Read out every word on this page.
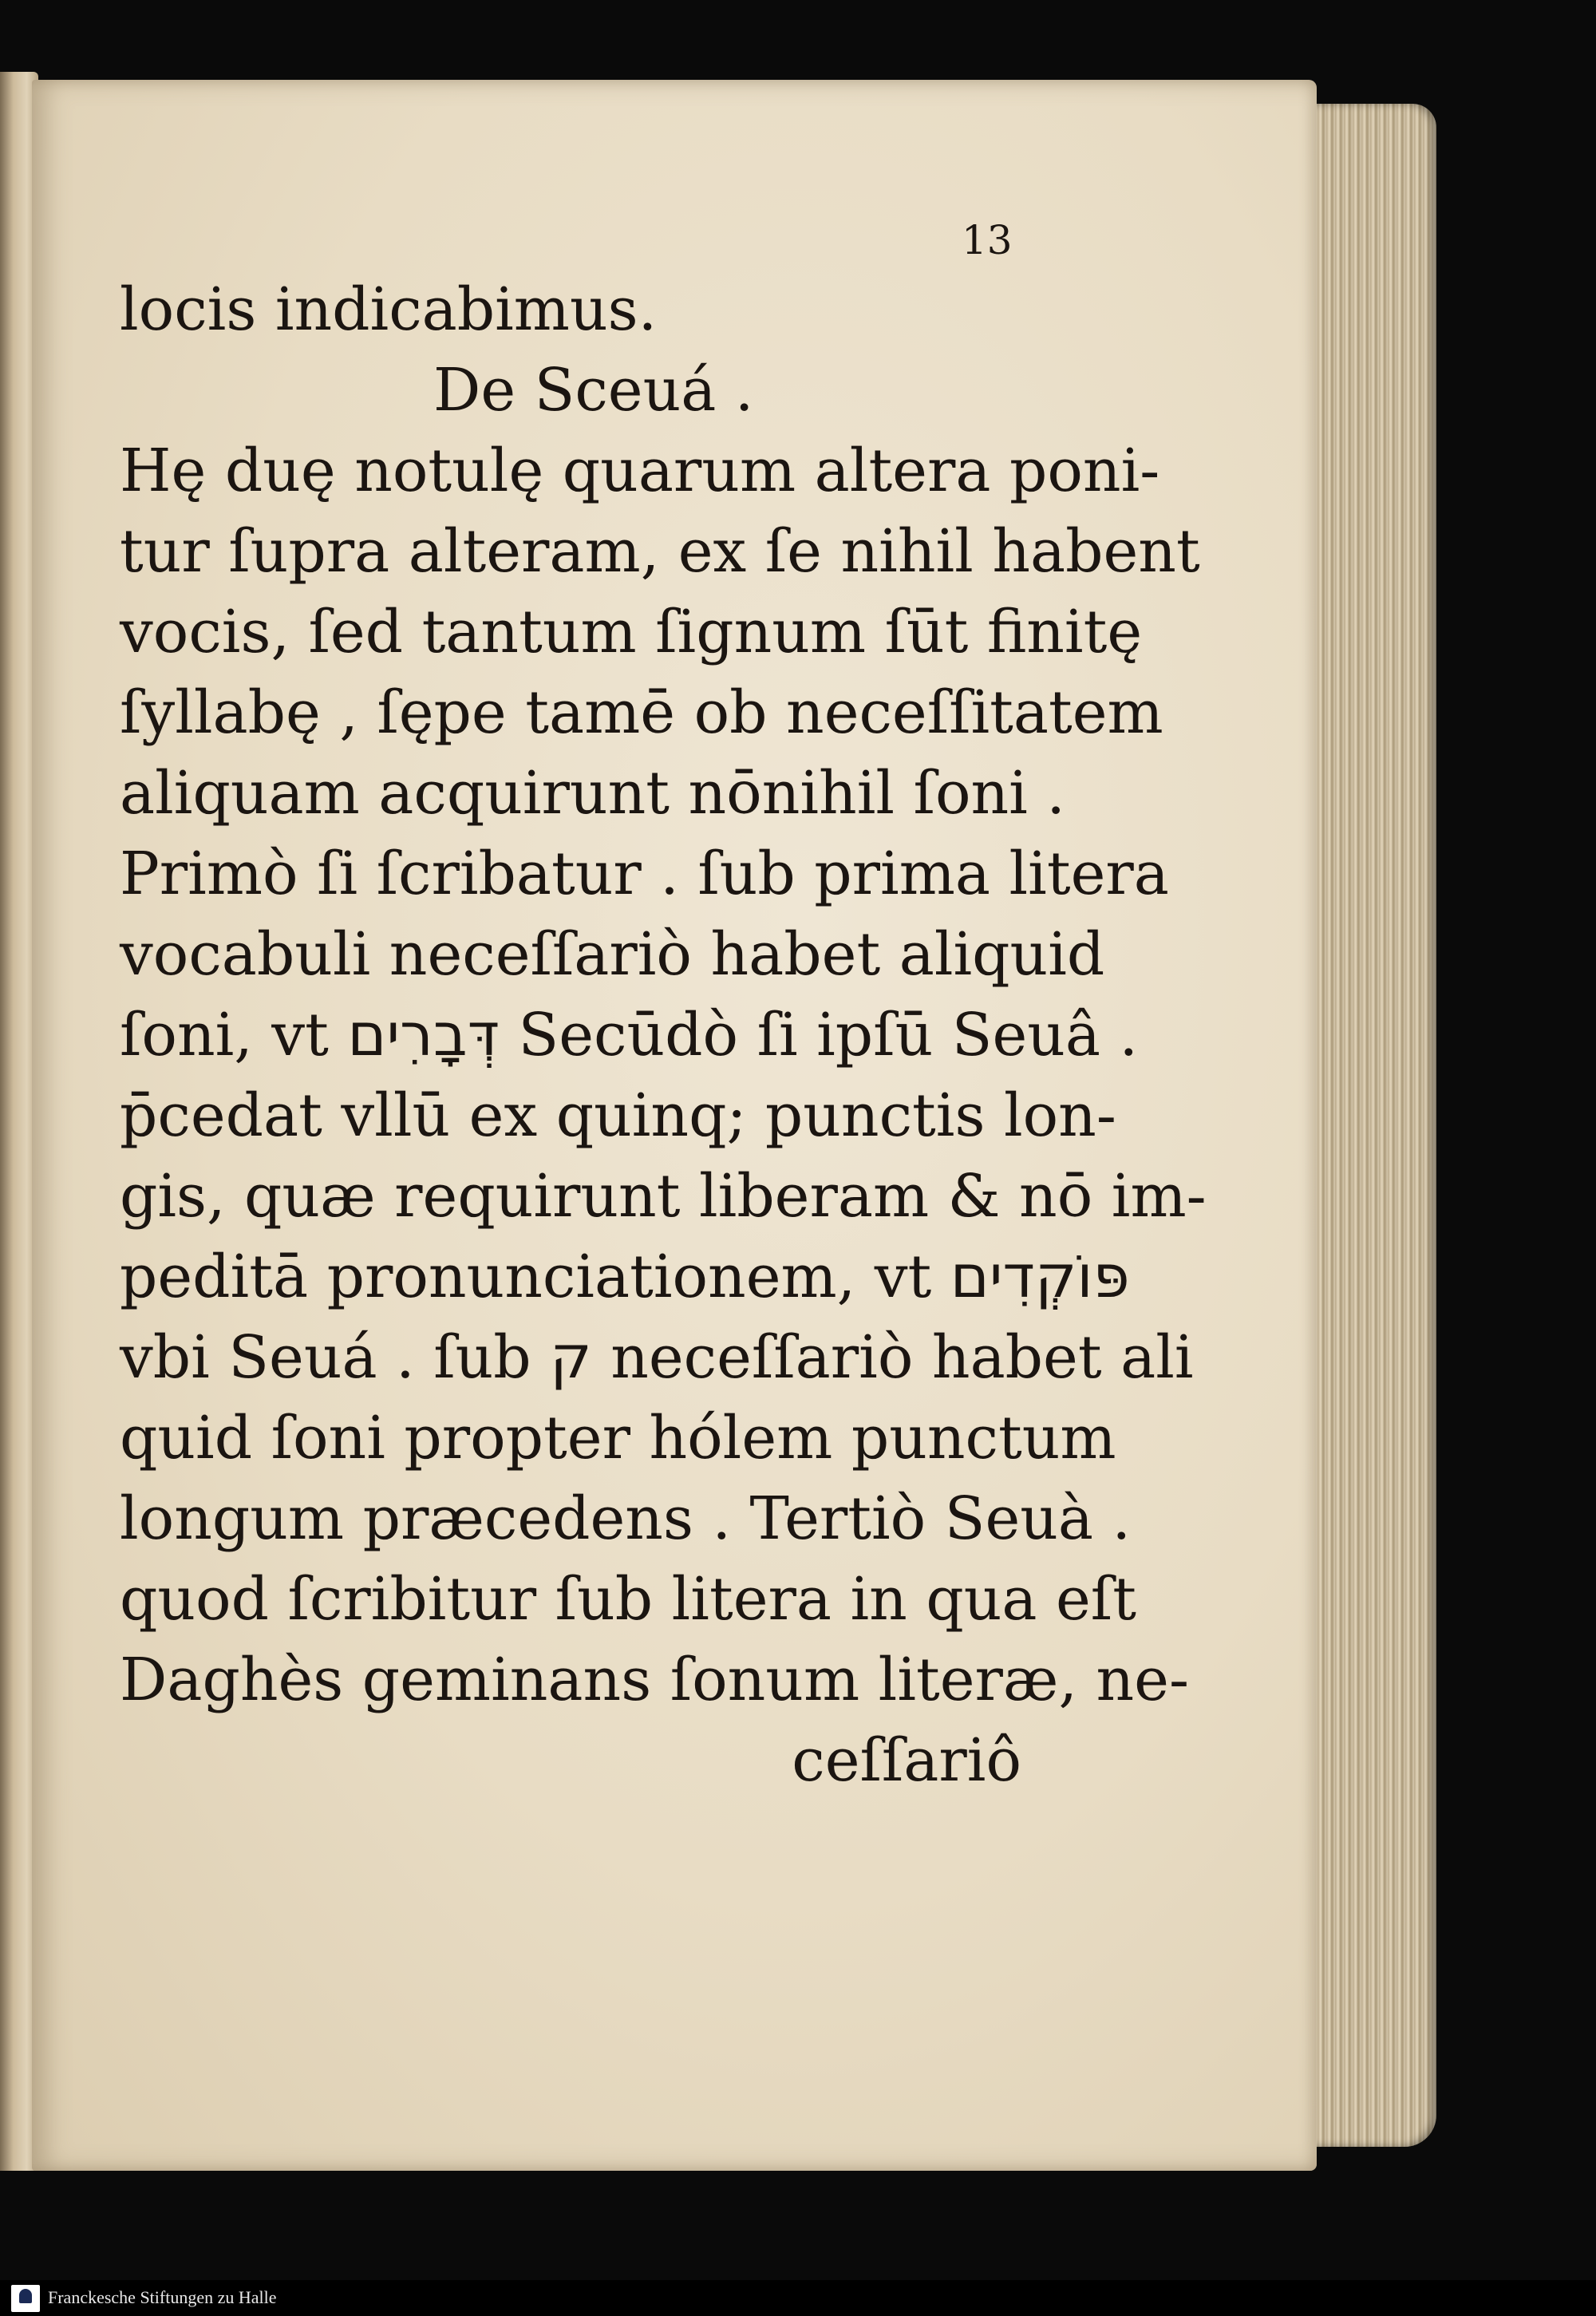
13
locis indicabimus.
De Sceuá .
Hę duę notulę quarum altera poni-
tur ſupra alteram, ex ſe nihil habent
vocis, ſed tantum ſignum ſūt finitę
ſyllabę , ſępe tamē ob neceſſitatem
aliquam acquirunt nōnihil ſoni .
Primò ſi ſcribatur . ſub prima litera
vocabuli neceſſariò habet aliquid
ſoni, vt דְּבָרִים Secūdò ſi ipſū Seuâ .
p̄cedat vllū ex quinq; punctis lon-
gis, quæ requirunt liberam & nō im-
peditā pronunciationem, vt פּוֹקְדִים
vbi Seuá . ſub ק neceſſariò habet ali
quid ſoni propter hólem punctum
longum præcedens . Tertiò Seuà .
quod ſcribitur ſub litera in qua eſt
Daghès geminans ſonum literæ, ne-
ceſſariô
Franckesche Stiftungen zu Halle
